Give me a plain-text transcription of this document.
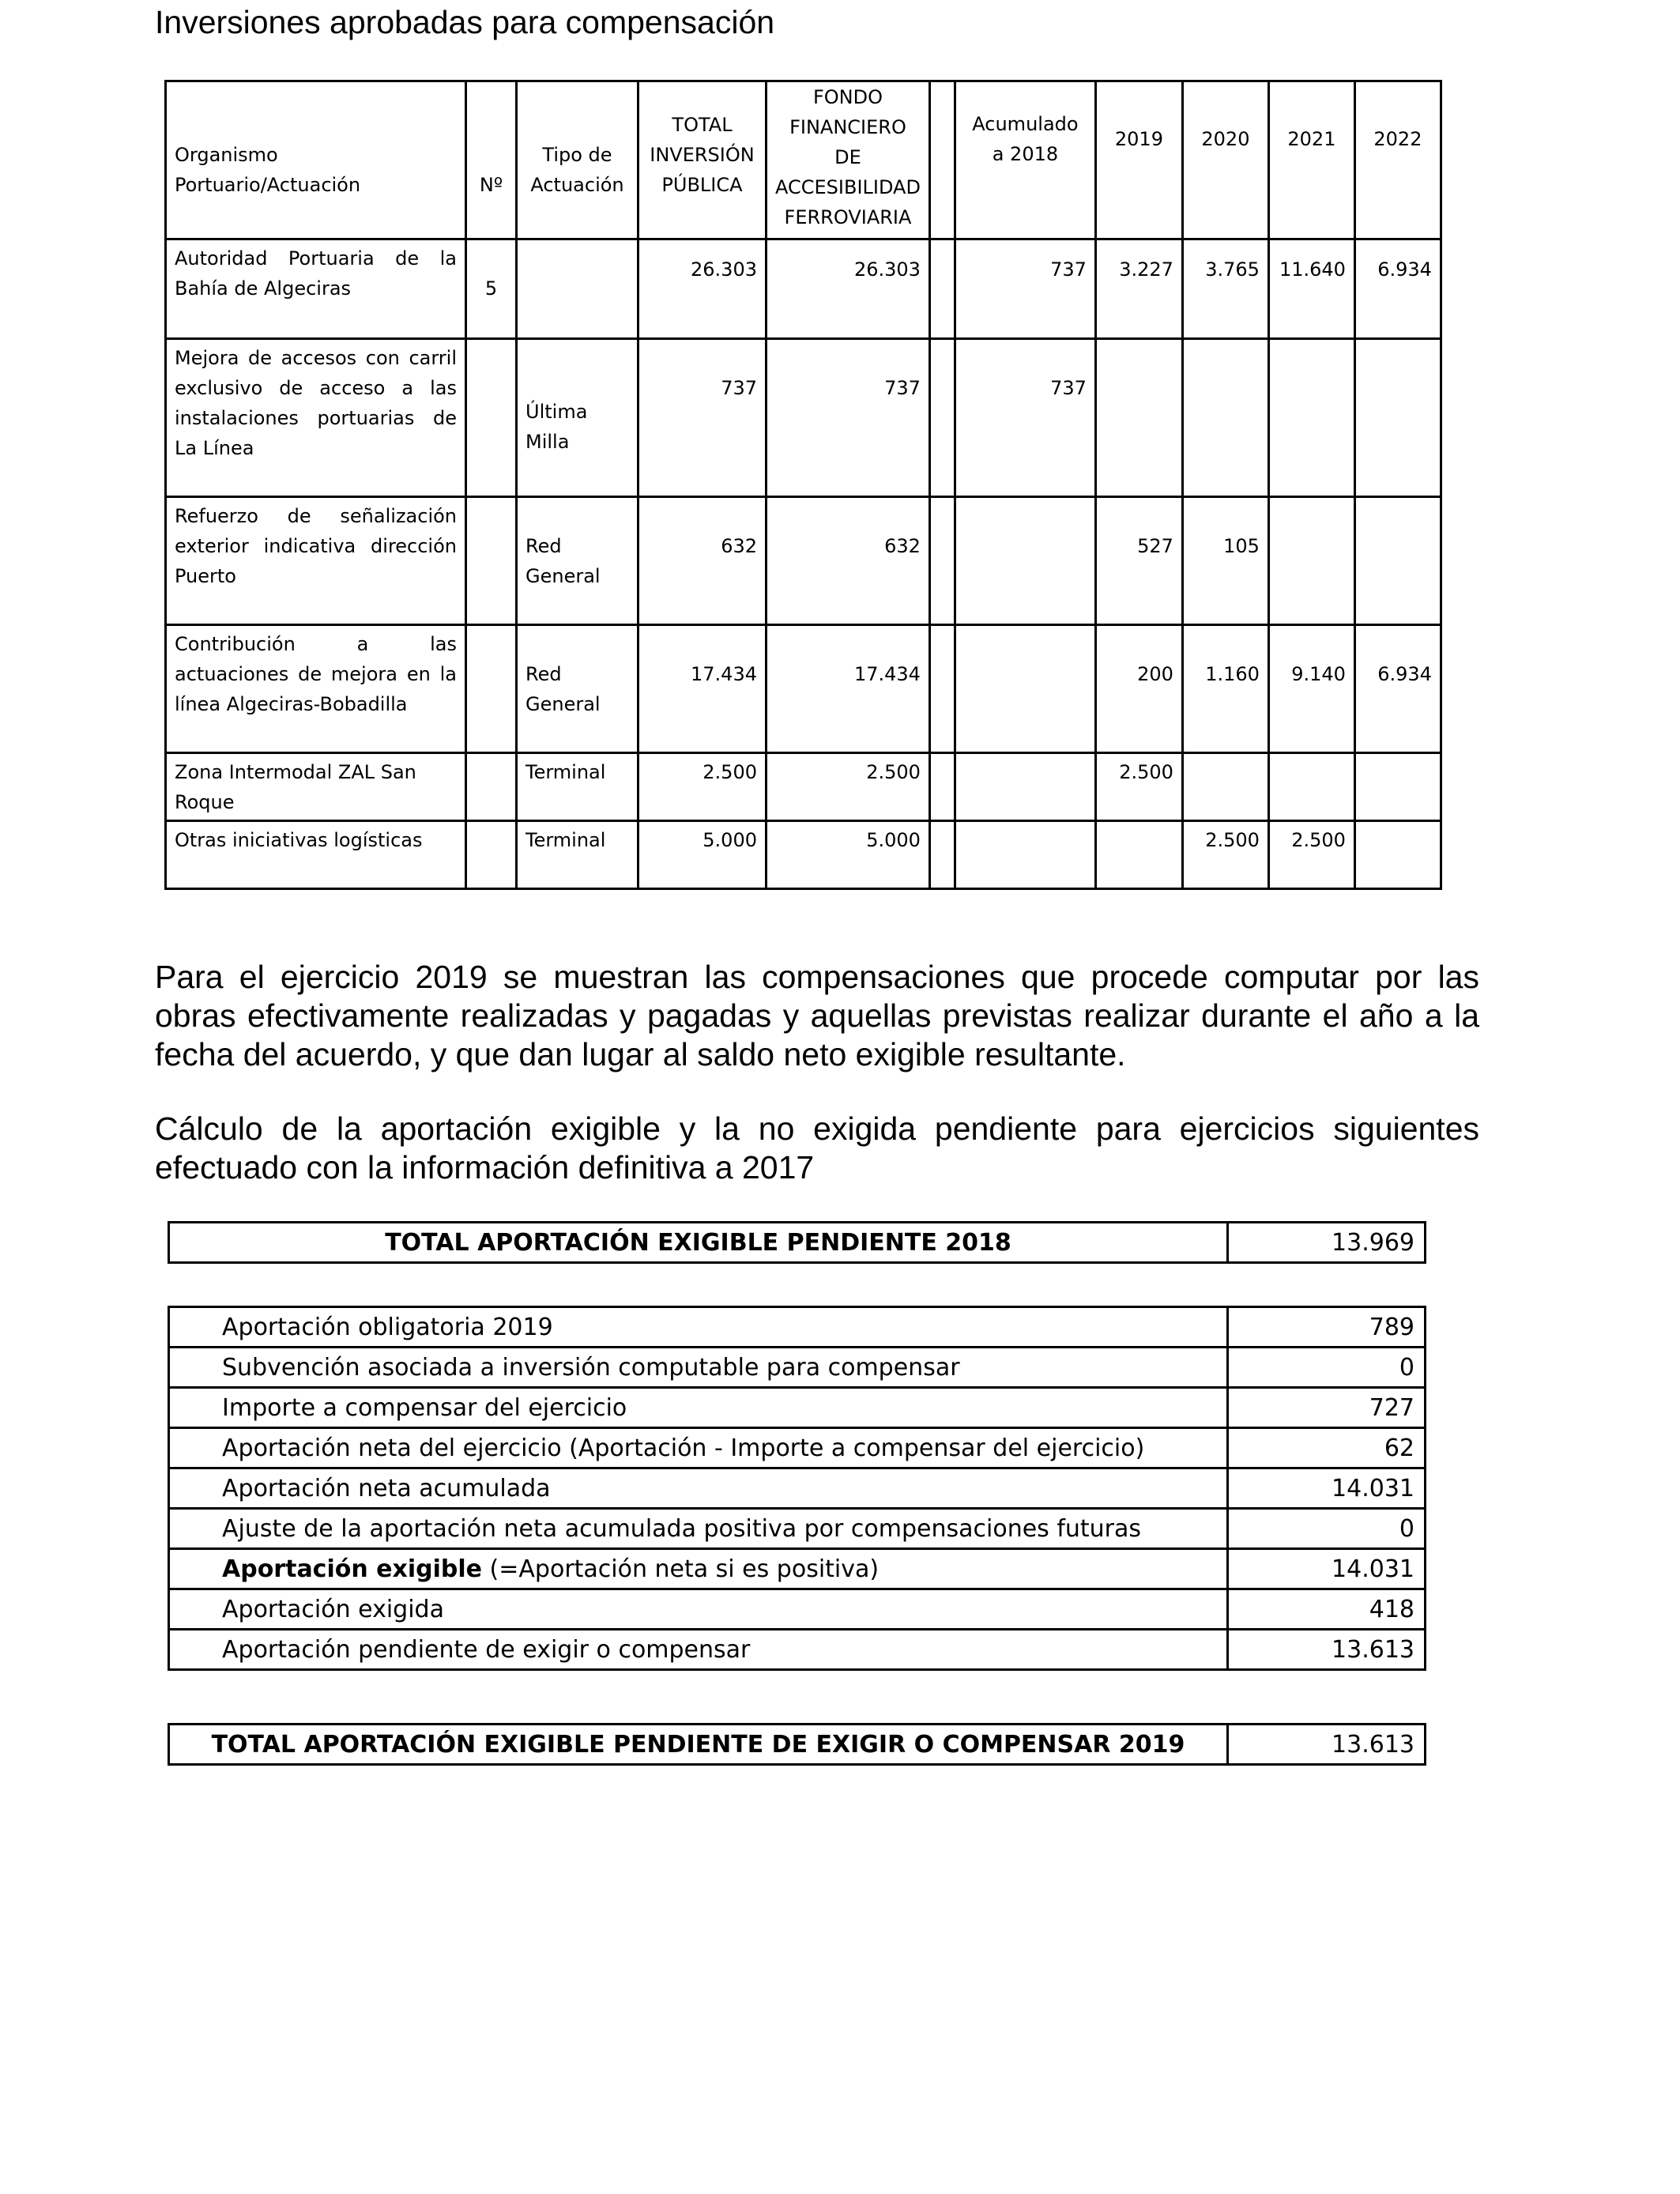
Inversiones aprobadas para compensación
Organismo Portuario/Actuación	Nº	Tipo de Actuación	TOTAL INVERSIÓN PÚBLICA	FONDO FINANCIERO DE ACCESIBILIDAD FERROVIARIA		Acumulado a 2018	2019	2020	2021	2022
Autoridad Portuaria de la Bahía de Algeciras	5		26.303	26.303		737	3.227	3.765	11.640	6.934
Mejora de accesos con carril exclusivo de acceso a las instalaciones portuarias de La Línea		Última Milla	737	737		737				
Refuerzo de señalización exterior indicativa dirección Puerto		Red General	632	632			527	105		
Contribución a las actuaciones de mejora en la línea Algeciras-Bobadilla		Red General	17.434	17.434			200	1.160	9.140	6.934
Zona Intermodal ZAL San Roque		Terminal	2.500	2.500			2.500			
Otras iniciativas logísticas		Terminal	5.000	5.000				2.500	2.500	

Para el ejercicio 2019 se muestran las compensaciones que procede computar por las obras efectivamente realizadas y pagadas y aquellas previstas realizar durante el año a la fecha del acuerdo, y que dan lugar al saldo neto exigible resultante.

Cálculo de la aportación exigible y la no exigida pendiente para ejercicios siguientes efectuado con la información definitiva a 2017

TOTAL APORTACIÓN EXIGIBLE PENDIENTE 2018	13.969
Aportación obligatoria 2019	789
Subvención asociada a inversión computable para compensar	0
Importe a compensar del ejercicio	727
Aportación neta del ejercicio (Aportación - Importe a compensar del ejercicio)	62
Aportación neta acumulada	14.031
Ajuste de la aportación neta acumulada positiva por compensaciones futuras	0
Aportación exigible (=Aportación neta si es positiva)	14.031
Aportación exigida	418
Aportación pendiente de exigir o compensar	13.613
TOTAL APORTACIÓN EXIGIBLE PENDIENTE DE EXIGIR O COMPENSAR 2019	13.613
